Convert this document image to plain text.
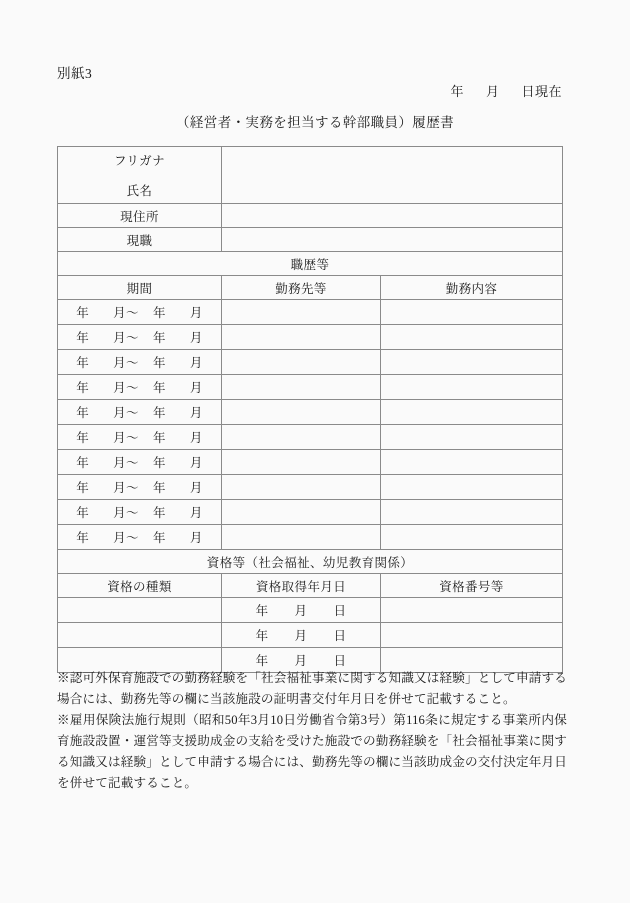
別紙3
年 月 日現在
（経営者・実務を担当する幹部職員）履歴書
フリガナ
氏名		

現住所		
現職		
職歴等		
期間	勤務先等	勤務内容
年 月〜 年 月		
年 月〜 年 月		
年 月〜 年 月		
年 月〜 年 月		
年 月〜 年 月		
年 月〜 年 月		
年 月〜 年 月		
年 月〜 年 月		
年 月〜 年 月		
年 月〜 年 月		
資格等（社会福祉、幼児教育関係）		
資格の種類	資格取得年月日	資格番号等
	年 月 日	
	年 月 日	
	年 月 日	

※認可外保育施設での勤務経験を「社会福祉事業に関する知識又は経験」として申請する場合には、勤務先等の欄に当該施設の証明書交付年月日を併せて記載すること。

※雇用保険法施行規則（昭和50年3月10日労働省令第3号）第116条に規定する事業所内保育施設設置・運営等支援助成金の支給を受けた施設での勤務経験を「社会福祉事業に関する知識又は経験」として申請する場合には、勤務先等の欄に当該助成金の交付決定年月日を併せて記載すること。
